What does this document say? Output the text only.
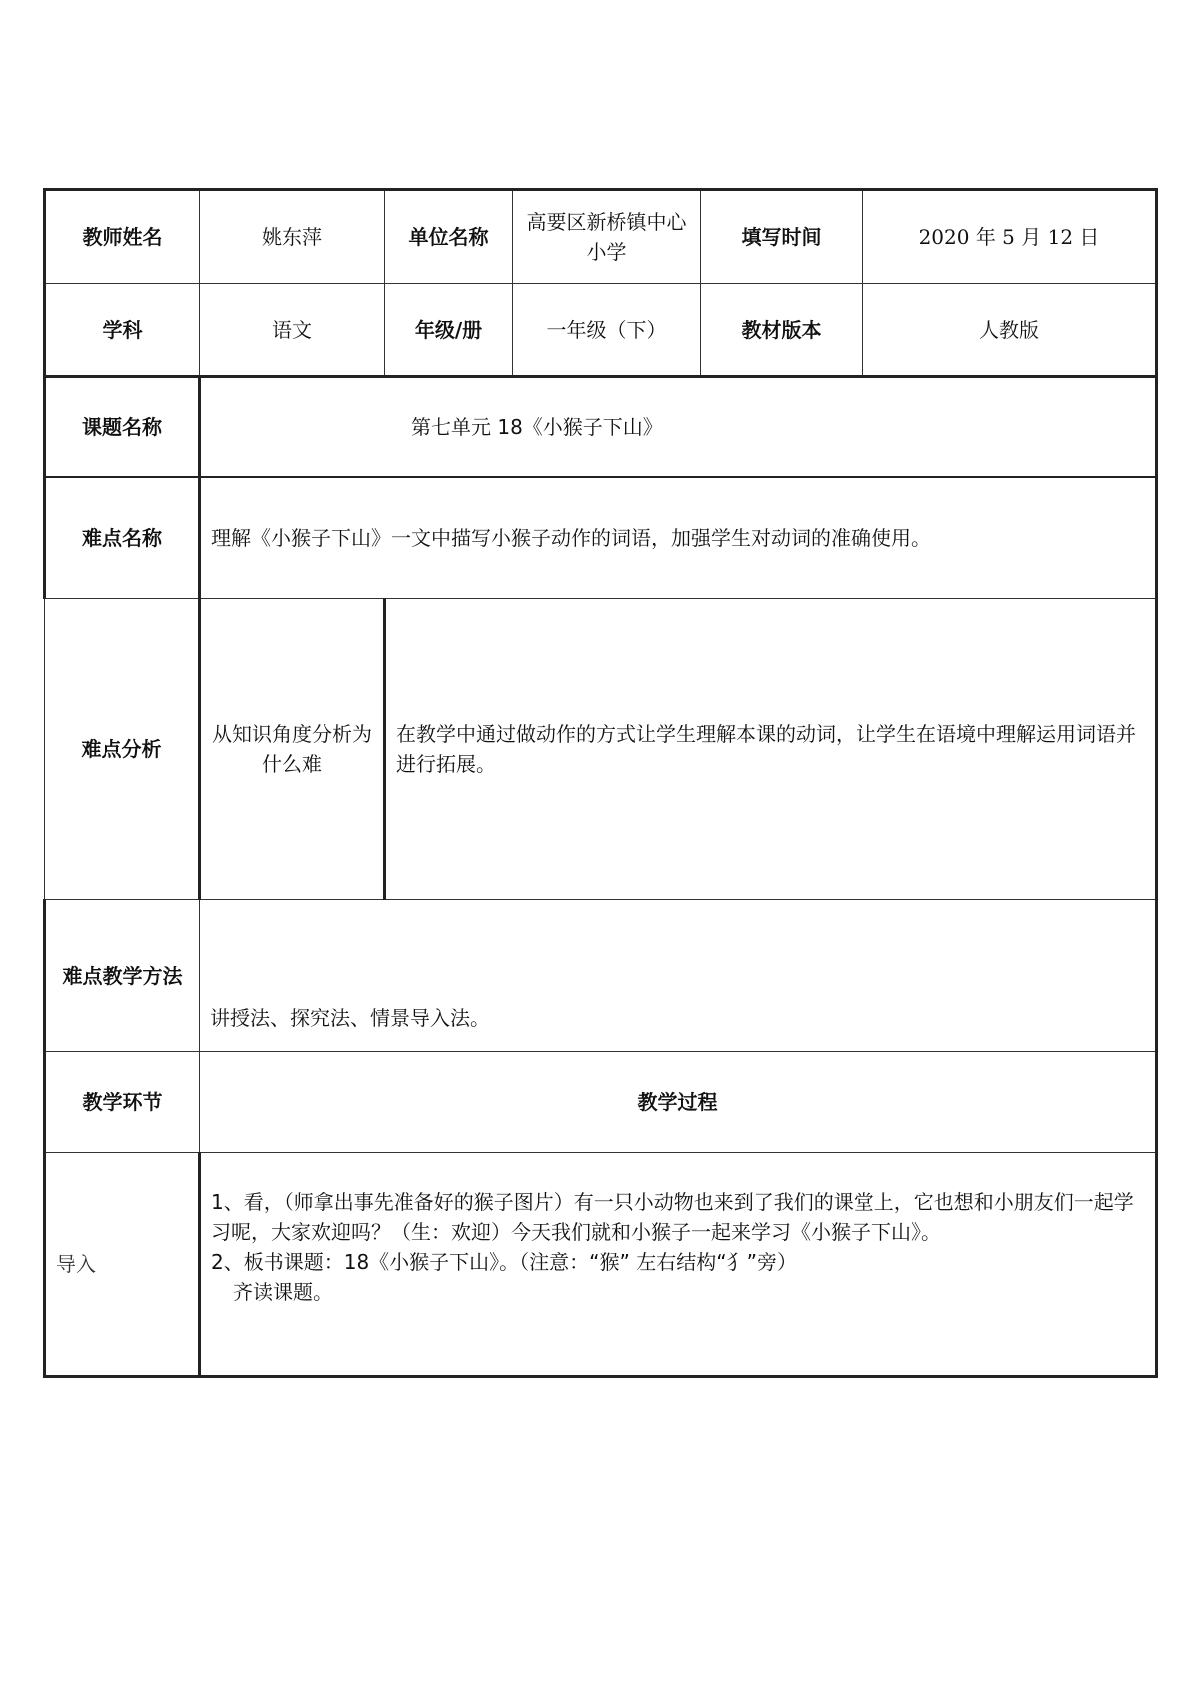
教师姓名	姚东萍	单位名称	高要区新桥镇中心小学	填写时间	2020 年 5 月 12 日
学科	语文	年级/册	一年级（下）	教材版本	人教版
课题名称	第七单元 18《小猴子下山》				
难点名称	理解《小猴子下山》一文中描写小猴子动作的词语，加强学生对动词的准确使用。				
难点分析	从知识角度分析为什么难	在教学中通过做动作的方式让学生理解本课的动词，让学生在语境中理解运用词语并进行拓展。			
难点教学方法	讲授法、探究法、情景导入法。				
教学环节	教学过程				
导入	1、看，（师拿出事先准备好的猴子图片）有一只小动物也来到了我们的课堂上，它也想和小朋友们一起学习呢，大家欢迎吗？（生：欢迎）今天我们就和小猴子一起来学习《小猴子下山》。
2、板书课题：18《小猴子下山》。（注意：“猴” 左右结构“犭”旁）
齐读课题。				
